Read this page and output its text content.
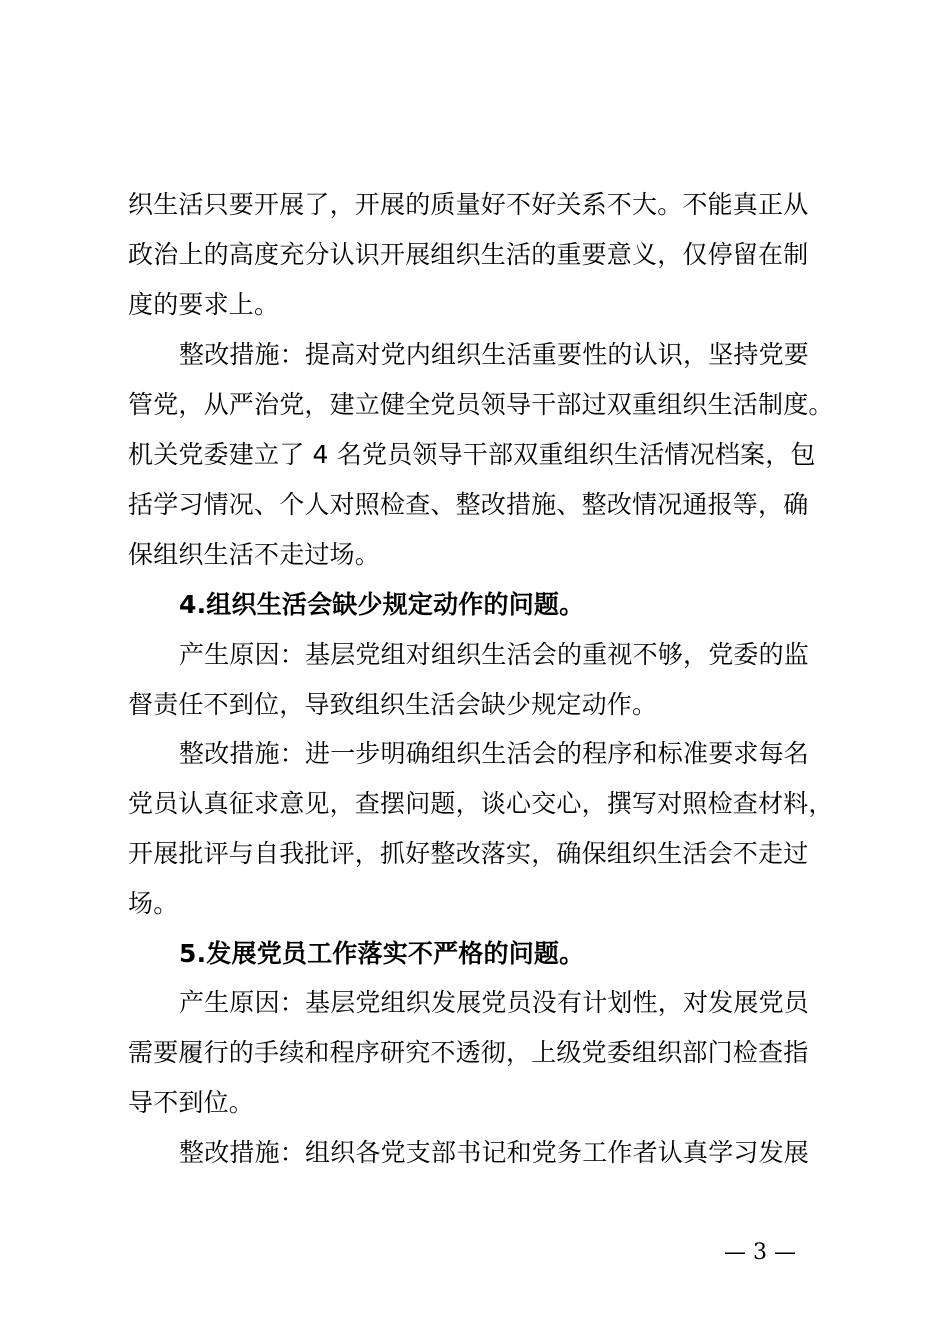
织生活只要开展了，开展的质量好不好关系不大。不能真正从
政治上的高度充分认识开展组织生活的重要意义，仅停留在制
度的要求上。
整改措施：提高对党内组织生活重要性的认识，坚持党要
管党，从严治党，建立健全党员领导干部过双重组织生活制度。
机关党委建立了 4 名党员领导干部双重组织生活情况档案，包
括学习情况、个人对照检查、整改措施、整改情况通报等，确
保组织生活不走过场。
4.组织生活会缺少规定动作的问题。
产生原因：基层党组对组织生活会的重视不够，党委的监
督责任不到位，导致组织生活会缺少规定动作。
整改措施：进一步明确组织生活会的程序和标准要求每名
党员认真征求意见，查摆问题，谈心交心，撰写对照检查材料，
开展批评与自我批评，抓好整改落实，确保组织生活会不走过
场。
5.发展党员工作落实不严格的问题。
产生原因：基层党组织发展党员没有计划性，对发展党员
需要履行的手续和程序研究不透彻，上级党委组织部门检查指
导不到位。
整改措施：组织各党支部书记和党务工作者认真学习发展
— 3 —
